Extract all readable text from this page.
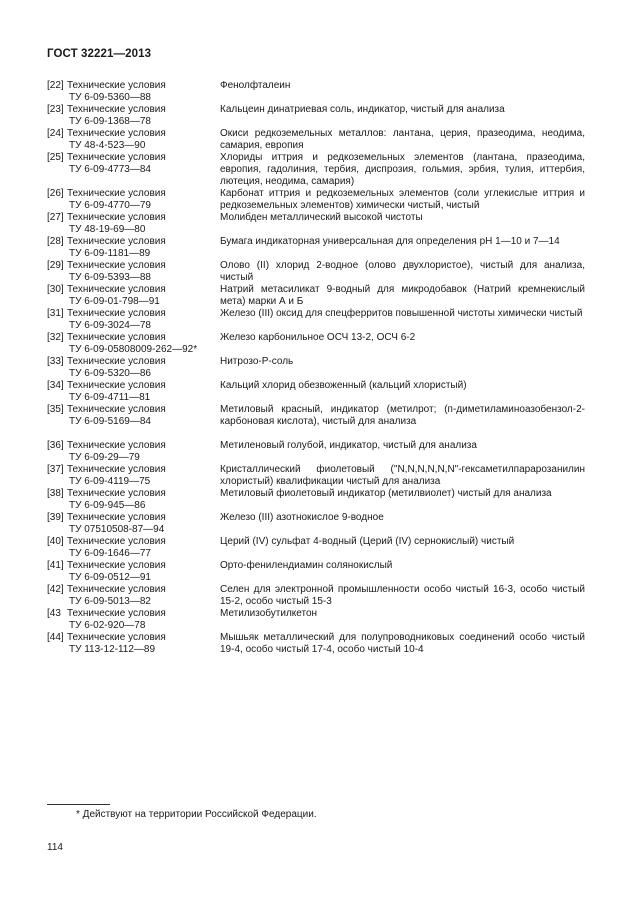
ГОСТ 32221—2013
[22] Технические условия
ТУ 6-09-5360—88
Фенолфталеин
[23] Технические условия
ТУ 6-09-1368—78
Кальцеин динатриевая соль, индикатор, чистый для анализа
[24] Технические условия
ТУ 48-4-523—90
Окиси редкоземельных металлов: лантана, церия, празеодима, неодима, самария, европия
[25] Технические условия
ТУ 6-09-4773—84
Хлориды иттрия и редкоземельных элементов (лантана, празеодима, европия, гадолиния, тербия, диспрозия, гольмия, эрбия, тулия, иттербия, лютеция, неодима, самария)
[26] Технические условия
ТУ 6-09-4770—79
Карбонат иттрия и редкоземельных элементов (соли углекислые иттрия и редкоземельных элементов) химически чистый, чистый
[27] Технические условия
ТУ 48-19-69—80
Молибден металлический высокой чистоты
[28] Технические условия
ТУ 6-09-1181—89
Бумага индикаторная универсальная для определения pH 1—10 и 7—14
[29] Технические условия
ТУ 6-09-5393—88
Олово (II) хлорид 2-водное (олово двухлористое), чистый для анализа, чистый
[30] Технические условия
ТУ 6-09-01-798—91
Натрий метасиликат 9-водный для микродобавок (Натрий кремнекислый мета) марки А и Б
[31] Технические условия
ТУ 6-09-3024—78
Железо (III) оксид для спецферритов повышенной чистоты химически чистый
[32] Технические условия
ТУ 6-09-05808009-262—92*
Железо карбонильное ОСЧ 13-2, ОСЧ 6-2
[33] Технические условия
ТУ 6-09-5320—86
Нитрозо-Р-соль
[34] Технические условия
ТУ 6-09-4711—81
Кальций хлорид обезвоженный (кальций хлористый)
[35] Технические условия
ТУ 6-09-5169—84
Метиловый красный, индикатор (метилрот; (п-диметиламиноазобензол-2-карбоновая кислота), чистый для анализа
[36] Технические условия
ТУ 6-09-29—79
Метиленовый голубой, индикатор, чистый для анализа
[37] Технические условия
ТУ 6-09-4119—75
Кристаллический фиолетовый ("N,N,N,N,N,N"-гексаметилпарарозанилин хлористый) квалификации чистый для анализа
[38] Технические условия
ТУ 6-09-945—86
Метиловый фиолетовый индикатор (метилвиолет) чистый для анализа
[39] Технические условия
ТУ 07510508-87—94
Железо (III) азотнокислое 9-водное
[40] Технические условия
ТУ 6-09-1646—77
Церий (IV) сульфат 4-водный (Церий (IV) сернокислый) чистый
[41] Технические условия
ТУ 6-09-0512—91
Орто-фенилендиамин солянокислый
[42] Технические условия
ТУ 6-09-5013—82
Селен для электронной промышленности особо чистый 16-3, особо чистый 15-2, особо чистый 15-3
[43 Технические условия
ТУ 6-02-920—78
Метилизобутилкетон
[44] Технические условия
ТУ 113-12-112—89
Мышьяк металлический для полупроводниковых соединений особо чистый 19-4, особо чистый 17-4, особо чистый 10-4
* Действуют на территории Российской Федерации.
114
